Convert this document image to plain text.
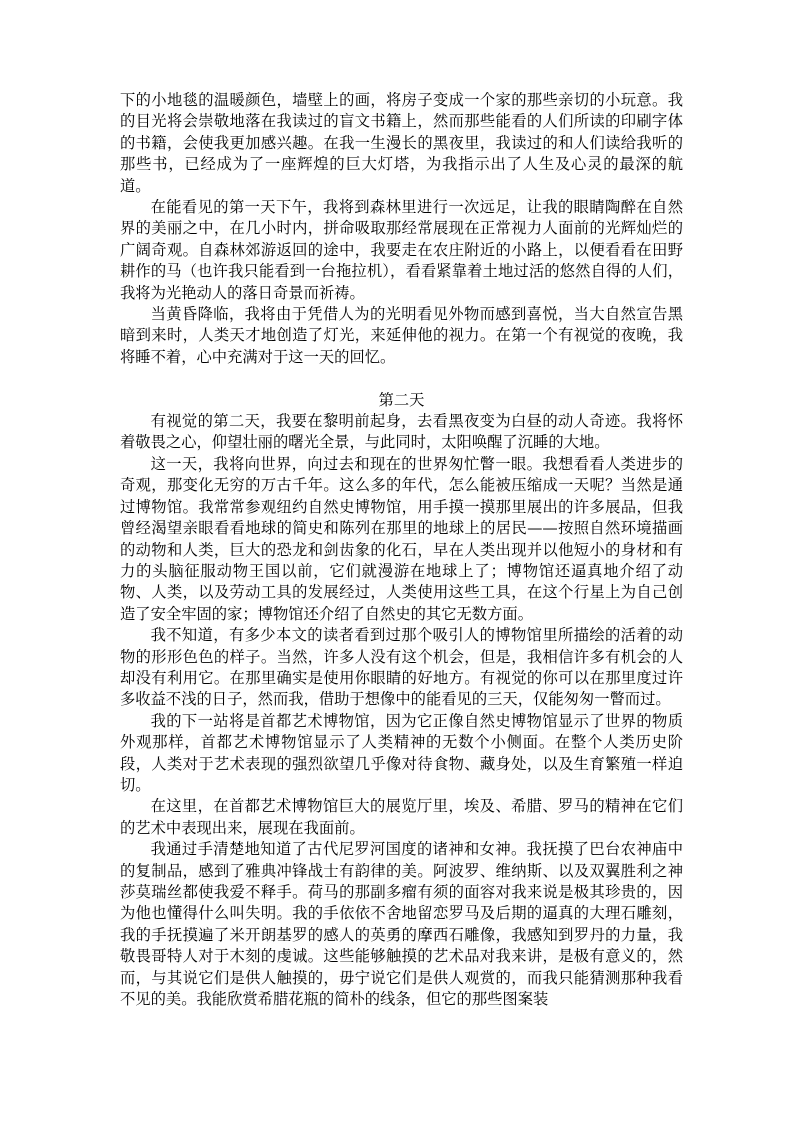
下的小地毯的温暖颜色，墙壁上的画，将房子变成一个家的那些亲切的小玩意。我的目光将会崇敬地落在我读过的盲文书籍上，然而那些能看的人们所读的印刷字体的书籍，会使我更加感兴趣。在我一生漫长的黑夜里，我读过的和人们读给我听的那些书，已经成为了一座辉煌的巨大灯塔，为我指示出了人生及心灵的最深的航道。

在能看见的第一天下午，我将到森林里进行一次远足，让我的眼睛陶醉在自然界的美丽之中，在几小时内，拼命吸取那经常展现在正常视力人面前的光辉灿烂的广阔奇观。自森林郊游返回的途中，我要走在农庄附近的小路上，以便看看在田野耕作的马（也许我只能看到一台拖拉机），看看紧靠着土地过活的悠然自得的人们，我将为光艳动人的落日奇景而祈祷。

当黄昏降临，我将由于凭借人为的光明看见外物而感到喜悦，当大自然宣告黑暗到来时，人类天才地创造了灯光，来延伸他的视力。在第一个有视觉的夜晚，我将睡不着，心中充满对于这一天的回忆。

第二天

有视觉的第二天，我要在黎明前起身，去看黑夜变为白昼的动人奇迹。我将怀着敬畏之心，仰望壮丽的曙光全景，与此同时，太阳唤醒了沉睡的大地。

这一天，我将向世界，向过去和现在的世界匆忙瞥一眼。我想看看人类进步的奇观，那变化无穷的万古千年。这么多的年代，怎么能被压缩成一天呢？当然是通过博物馆。我常常参观纽约自然史博物馆，用手摸一摸那里展出的许多展品，但我曾经渴望亲眼看看地球的简史和陈列在那里的地球上的居民——按照自然环境描画的动物和人类，巨大的恐龙和剑齿象的化石，早在人类出现并以他短小的身材和有力的头脑征服动物王国以前，它们就漫游在地球上了；博物馆还逼真地介绍了动物、人类，以及劳动工具的发展经过，人类使用这些工具，在这个行星上为自己创造了安全牢固的家；博物馆还介绍了自然史的其它无数方面。

我不知道，有多少本文的读者看到过那个吸引人的博物馆里所描绘的活着的动物的形形色色的样子。当然，许多人没有这个机会，但是，我相信许多有机会的人却没有利用它。在那里确实是使用你眼睛的好地方。有视觉的你可以在那里度过许多收益不浅的日子，然而我，借助于想像中的能看见的三天，仅能匆匆一瞥而过。

我的下一站将是首都艺术博物馆，因为它正像自然史博物馆显示了世界的物质外观那样，首都艺术博物馆显示了人类精神的无数个小侧面。在整个人类历史阶段，人类对于艺术表现的强烈欲望几乎像对待食物、藏身处，以及生育繁殖一样迫切。

在这里，在首都艺术博物馆巨大的展览厅里，埃及、希腊、罗马的精神在它们的艺术中表现出来，展现在我面前。

我通过手清楚地知道了古代尼罗河国度的诸神和女神。我抚摸了巴台农神庙中的复制品，感到了雅典冲锋战士有韵律的美。阿波罗、维纳斯、以及双翼胜利之神莎莫瑞丝都使我爱不释手。荷马的那副多瘤有须的面容对我来说是极其珍贵的，因为他也懂得什么叫失明。我的手依依不舍地留恋罗马及后期的逼真的大理石雕刻，我的手抚摸遍了米开朗基罗的感人的英勇的摩西石雕像，我感知到罗丹的力量，我敬畏哥特人对于木刻的虔诚。这些能够触摸的艺术品对我来讲，是极有意义的，然而，与其说它们是供人触摸的，毋宁说它们是供人观赏的，而我只能猜测那种我看不见的美。我能欣赏希腊花瓶的简朴的线条，但它的那些图案装
